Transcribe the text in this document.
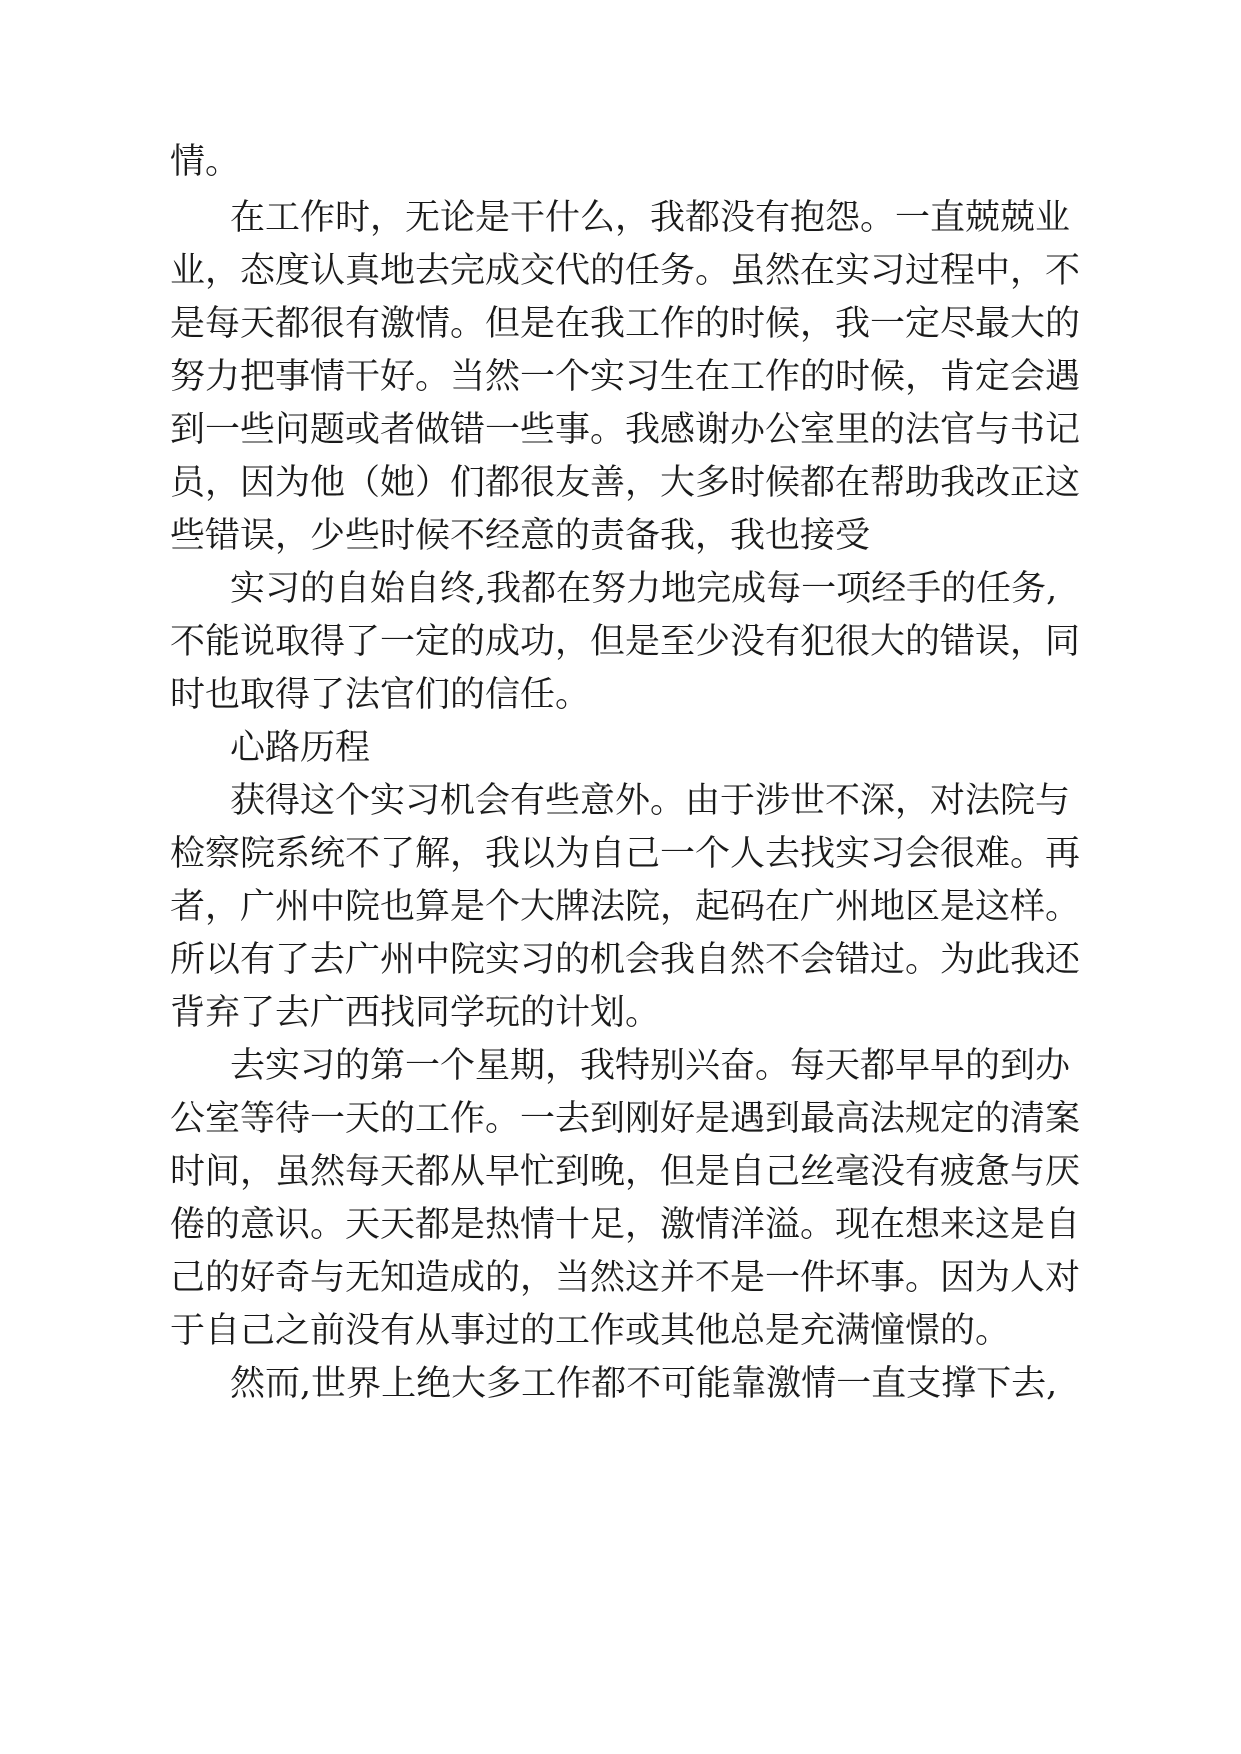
情。

在工作时，无论是干什么，我都没有抱怨。一直兢兢业

业，态度认真地去完成交代的任务。虽然在实习过程中，不

是每天都很有激情。但是在我工作的时候，我一定尽最大的

努力把事情干好。当然一个实习生在工作的时候，肯定会遇

到一些问题或者做错一些事。我感谢办公室里的法官与书记

员，因为他（她）们都很友善，大多时候都在帮助我改正这

些错误，少些时候不经意的责备我，我也接受

实习的自始自终,我都在努力地完成每一项经手的任务,

不能说取得了一定的成功，但是至少没有犯很大的错误，同

时也取得了法官们的信任。

心路历程

获得这个实习机会有些意外。由于涉世不深，对法院与

检察院系统不了解，我以为自己一个人去找实习会很难。再

者，广州中院也算是个大牌法院，起码在广州地区是这样。

所以有了去广州中院实习的机会我自然不会错过。为此我还

背弃了去广西找同学玩的计划。

去实习的第一个星期，我特别兴奋。每天都早早的到办

公室等待一天的工作。一去到刚好是遇到最高法规定的清案

时间，虽然每天都从早忙到晚，但是自己丝毫没有疲惫与厌

倦的意识。天天都是热情十足，激情洋溢。现在想来这是自

己的好奇与无知造成的，当然这并不是一件坏事。因为人对

于自己之前没有从事过的工作或其他总是充满憧憬的。

然而,世界上绝大多工作都不可能靠激情一直支撑下去,
